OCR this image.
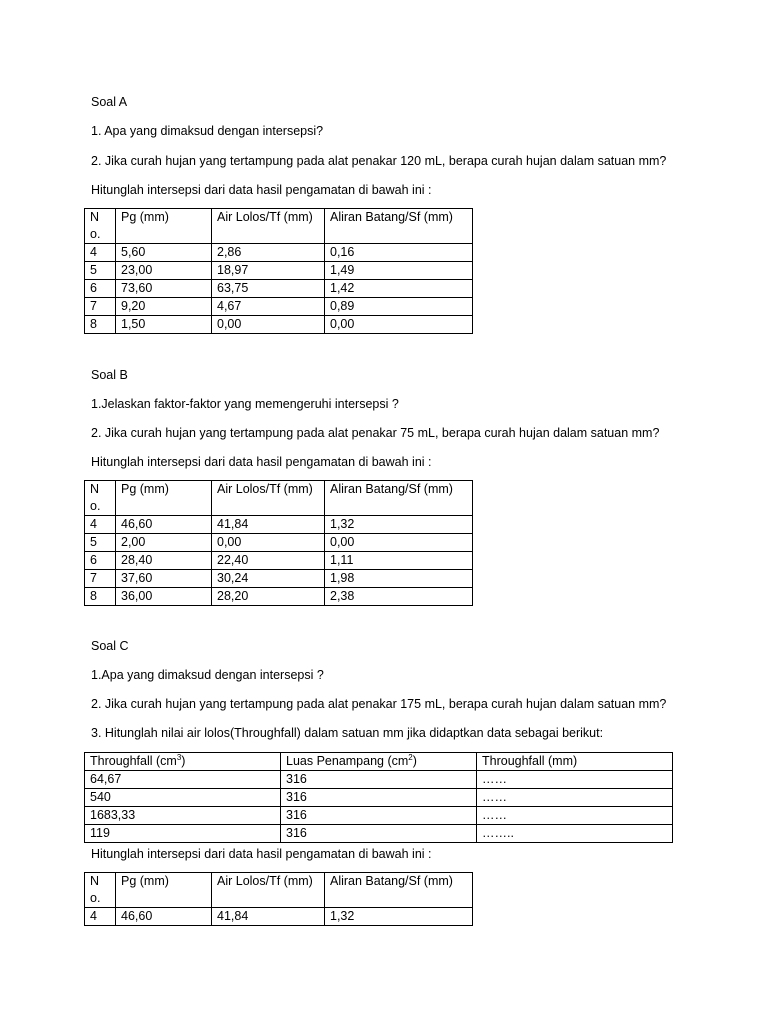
Soal A

1. Apa yang dimaksud dengan intersepsi?

2. Jika curah hujan yang tertampung pada alat penakar 120 mL, berapa curah hujan dalam satuan mm?

Hitunglah intersepsi dari data hasil pengamatan di bawah ini :

No.	Pg (mm)	Air Lolos/Tf (mm)	Aliran Batang/Sf (mm)
4	5,60	2,86	0,16
5	23,00	18,97	1,49
6	73,60	63,75	1,42
7	9,20	4,67	0,89
8	1,50	0,00	0,00

Soal B

1.Jelaskan faktor-faktor yang memengeruhi intersepsi ?

2. Jika curah hujan yang tertampung pada alat penakar 75 mL, berapa curah hujan dalam satuan mm?

Hitunglah intersepsi dari data hasil pengamatan di bawah ini :

No.	Pg (mm)	Air Lolos/Tf (mm)	Aliran Batang/Sf (mm)
4	46,60	41,84	1,32
5	2,00	0,00	0,00
6	28,40	22,40	1,11
7	37,60	30,24	1,98
8	36,00	28,20	2,38

Soal C

1.Apa yang dimaksud dengan intersepsi ?

2. Jika curah hujan yang tertampung pada alat penakar 175 mL, berapa curah hujan dalam satuan mm?

3. Hitunglah nilai air lolos(Throughfall) dalam satuan mm jika didaptkan data sebagai berikut:

Throughfall $(cm^3)$	Luas Penampang $(cm^2)$	Throughfall (mm)
64,67	316	……
540	316	……
1683,33	316	……
119	316	……..

Hitunglah intersepsi dari data hasil pengamatan di bawah ini :

No.	Pg (mm)	Air Lolos/Tf (mm)	Aliran Batang/Sf (mm)
4	46,60	41,84	1,32
